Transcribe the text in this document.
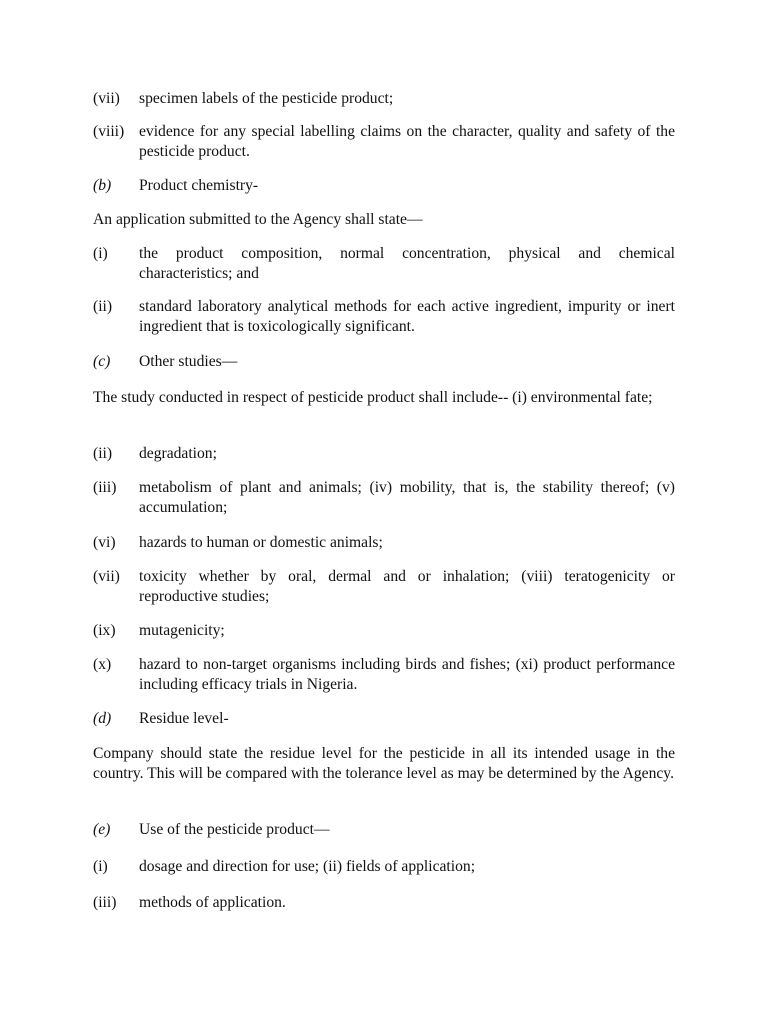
(vii) specimen labels of the pesticide product;
(viii) evidence for any special labelling claims on the character, quality and safety of the pesticide product.
(b) Product chemistry-
An application submitted to the Agency shall state—
(i) the product composition, normal concentration, physical and chemical characteristics; and
(ii) standard laboratory analytical methods for each active ingredient, impurity or inert ingredient that is toxicologically significant.
(c) Other studies—
The study conducted in respect of pesticide product shall include-- (i) environmental fate;
(ii) degradation;
(iii) metabolism of plant and animals; (iv) mobility, that is, the stability thereof; (v) accumulation;
(vi) hazards to human or domestic animals;
(vii) toxicity whether by oral, dermal and or inhalation; (viii) teratogenicity or reproductive studies;
(ix) mutagenicity;
(x) hazard to non-target organisms including birds and fishes; (xi) product performance including efficacy trials in Nigeria.
(d) Residue level-
Company should state the residue level for the pesticide in all its intended usage in the country. This will be compared with the tolerance level as may be determined by the Agency.
(e) Use of the pesticide product—
(i) dosage and direction for use; (ii) fields of application;
(iii) methods of application.
